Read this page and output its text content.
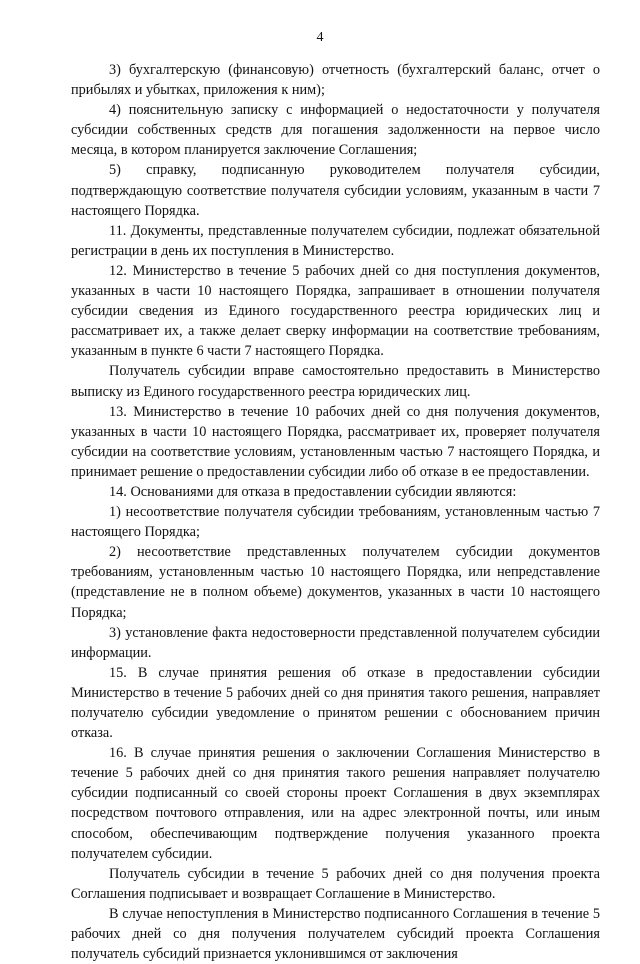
4

3) бухгалтерскую (финансовую) отчетность (бухгалтерский баланс, отчет о прибылях и убытках, приложения к ним);

4) пояснительную записку с информацией о недостаточности у получателя субсидии собственных средств для погашения задолженности на первое число месяца, в котором планируется заключение Соглашения;

5) справку, подписанную руководителем получателя субсидии, подтверждающую соответствие получателя субсидии условиям, указанным в части 7 настоящего Порядка.

11. Документы, представленные получателем субсидии, подлежат обязательной регистрации в день их поступления в Министерство.

12. Министерство в течение 5 рабочих дней со дня поступления документов, указанных в части 10 настоящего Порядка, запрашивает в отношении получателя субсидии сведения из Единого государственного реестра юридических лиц и рассматривает их, а также делает сверку информации на соответствие требованиям, указанным в пункте 6 части 7 настоящего Порядка.

Получатель субсидии вправе самостоятельно предоставить в Министерство выписку из Единого государственного реестра юридических лиц.

13. Министерство в течение 10 рабочих дней со дня получения документов, указанных в части 10 настоящего Порядка, рассматривает их, проверяет получателя субсидии на соответствие условиям, установленным частью 7 настоящего Порядка, и принимает решение о предоставлении субсидии либо об отказе в ее предоставлении.

14. Основаниями для отказа в предоставлении субсидии являются:

1) несоответствие получателя субсидии требованиям, установленным частью 7 настоящего Порядка;

2) несоответствие представленных получателем субсидии документов требованиям, установленным частью 10 настоящего Порядка, или непредставление (представление не в полном объеме) документов, указанных в части 10 настоящего Порядка;

3) установление факта недостоверности представленной получателем субсидии информации.

15. В случае принятия решения об отказе в предоставлении субсидии Министерство в течение 5 рабочих дней со дня принятия такого решения, направляет получателю субсидии уведомление о принятом решении с обоснованием причин отказа.

16. В случае принятия решения о заключении Соглашения Министерство в течение 5 рабочих дней со дня принятия такого решения направляет получателю субсидии подписанный со своей стороны проект Соглашения в двух экземплярах посредством почтового отправления, или на адрес электронной почты, или иным способом, обеспечивающим подтверждение получения указанного проекта получателем субсидии.

Получатель субсидии в течение 5 рабочих дней со дня получения проекта Соглашения подписывает и возвращает Соглашение в Министерство.

В случае непоступления в Министерство подписанного Соглашения в течение 5 рабочих дней со дня получения получателем субсидий проекта Соглашения получатель субсидий признается уклонившимся от заключения
